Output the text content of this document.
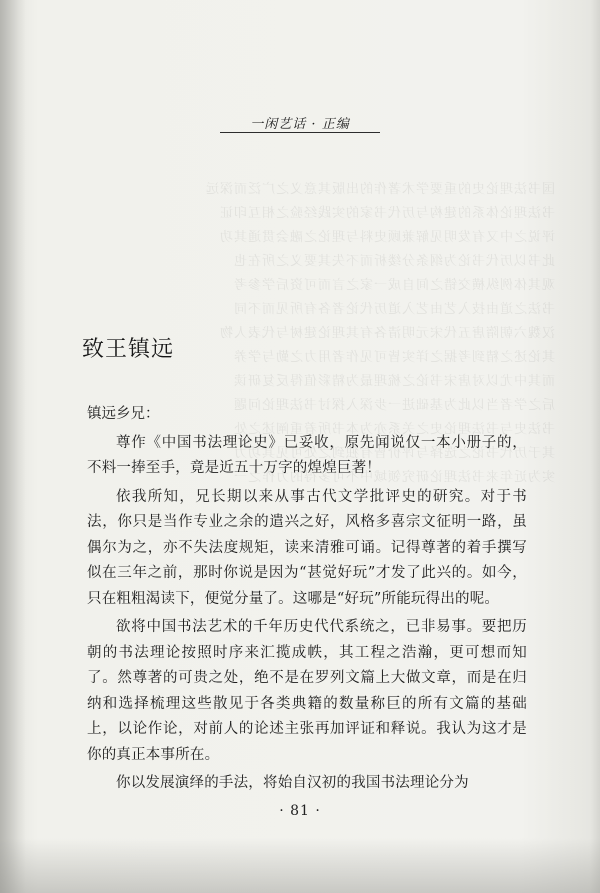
国书法理论史的重要学术著作的出版其意义之广泛而深远
书法理论体系的建构与历代书家的实践经验之相互印证
评说之中又有发明见解兼顾史料与理论之融会贯通其功
此书以历代书论为纲条分缕析而不失其要义之所在也
观其体例纵横交错之间自成一家之言而可资后学参考
书法之道由技入艺由艺入道历代论者各有所见而不同
汉魏六朝隋唐五代宋元明清各有其理论建树与代表人物
其论述之精到考据之详实皆可见作者用力之勤与学养
而其中尤以对唐宋书论之梳理最为精彩值得反复研读
后之学者当以此为基础进一步深入探讨书法理论问题
书法史与书法理论史之关系亦为本书所着重阐述之处
其于历代书论之选择与评价皆有独到之处可见其功力
实为近年来书法理论研究领域中不可多得的力作之一
一闲艺话 · 正编
致王镇远
镇远乡兄：

尊作《中国书法理论史》已妥收，原先闻说仅一本小册子的，不料一捧至手，竟是近五十万字的煌煌巨著！

依我所知，兄长期以来从事古代文学批评史的研究。对于书法，你只是当作专业之余的遣兴之好，风格多喜宗文征明一路，虽偶尔为之，亦不失法度规矩，读来清雅可诵。记得尊著的着手撰写似在三年之前，那时你说是因为“甚觉好玩”才发了此兴的。如今，只在粗粗渴读下，便觉分量了。这哪是“好玩”所能玩得出的呢。

欲将中国书法艺术的千年历史代代系统之，已非易事。要把历朝的书法理论按照时序来汇揽成帙，其工程之浩瀚，更可想而知了。然尊著的可贵之处，绝不是在罗列文篇上大做文章，而是在归纳和选择梳理这些散见于各类典籍的数量称巨的所有文篇的基础上，以论作论，对前人的论述主张再加评证和释说。我认为这才是你的真正本事所在。

你以发展演绎的手法，将始自汉初的我国书法理论分为

· 81 ·
